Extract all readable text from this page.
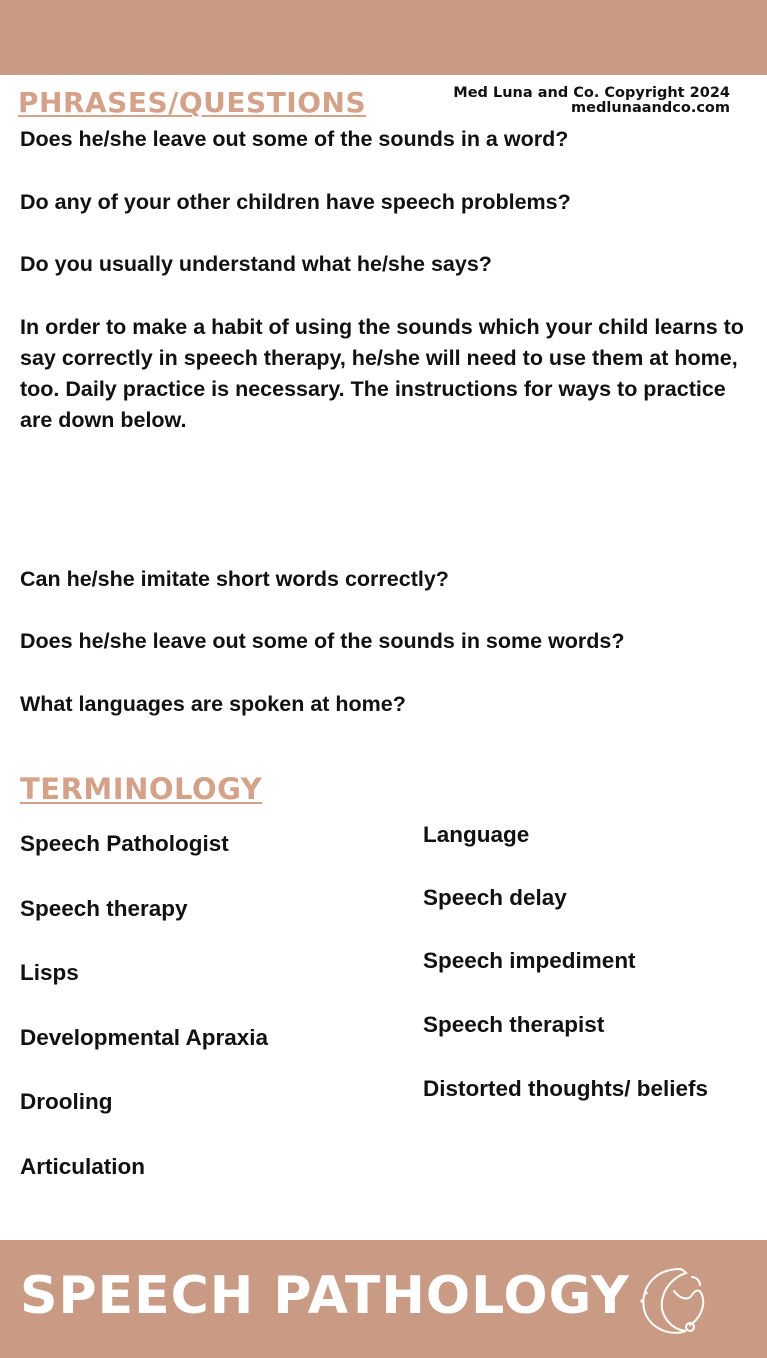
PHRASES/QUESTIONS	Med Luna and Co. Copyright 2024
medlunaandco.com
Does he/she leave out some of the sounds in a word?
Do any of your other children have speech problems?
Do you usually understand what he/she says?
In order to make a habit of using the sounds which your child learns to say correctly in speech therapy, he/she will need to use them at home, too. Daily practice is necessary. The instructions for ways to practice are down below.
Can he/she imitate short words correctly?
Does he/she leave out some of the sounds in some words?
What languages are spoken at home?
TERMINOLOGY
Speech Pathologist
Speech therapy
Lisps
Developmental Apraxia
Drooling
Articulation
Language
Speech delay
Speech impediment
Speech therapist
Distorted thoughts/ beliefs
SPEECH PATHOLOGY
